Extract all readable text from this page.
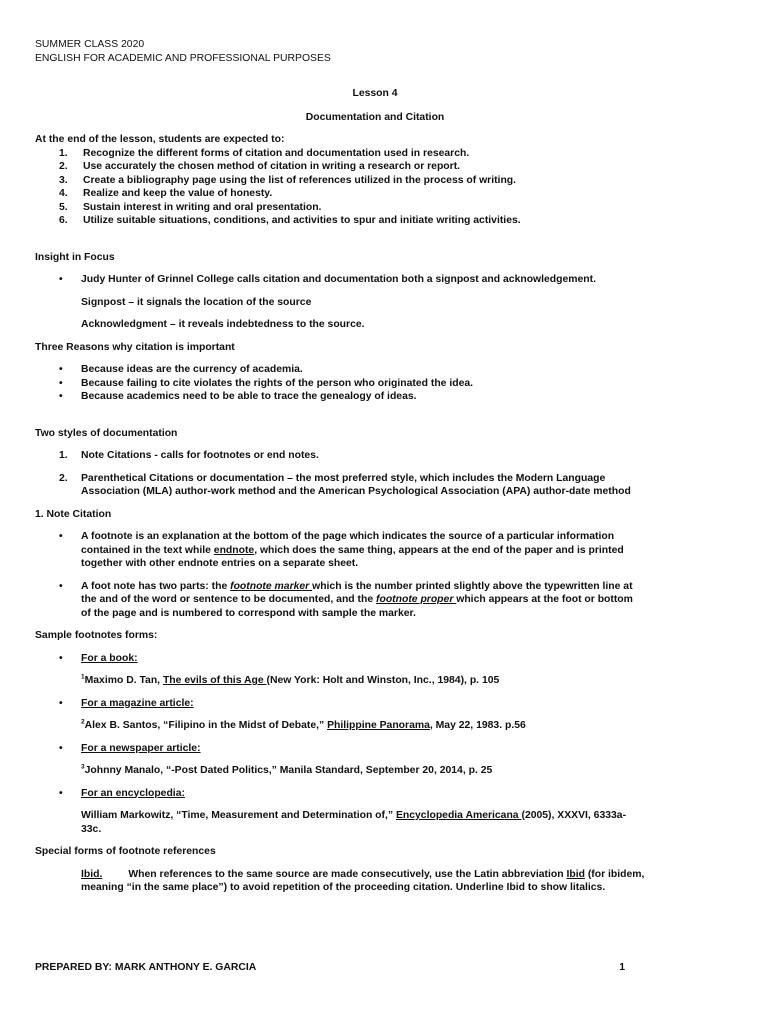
SUMMER CLASS 2020

ENGLISH FOR ACADEMIC AND PROFESSIONAL PURPOSES

Lesson 4

Documentation and Citation

At the end of the lesson, students are expected to:

1.	Recognize the different forms of citation and documentation used in research.
2.	Use accurately the chosen method of citation in writing a research or report.
3.	Create a bibliography page using the list of references utilized in the process of writing.
4.	Realize and keep the value of honesty.
5.	Sustain interest in writing and oral presentation.
6.	Utilize suitable situations, conditions, and activities to spur and initiate writing activities.

Insight in Focus

•
Judy Hunter of Grinnel College calls citation and documentation both a signpost and acknowledgement.

Signpost – it signals the location of the source

Acknowledgment – it reveals indebtedness to the source.

Three Reasons why citation is important

•
Because ideas are the currency of academia.
•
Because failing to cite violates the rights of the person who originated the idea.
•
Because academics need to be able to trace the genealogy of ideas.

Two styles of documentation

1.	Note Citations - calls for footnotes or end notes.
2.	Parenthetical Citations or documentation – the most preferred style, which includes the Modern Language
Association (MLA) author-work method and the American Psychological Association (APA) author-date method

1. Note Citation

•
A footnote is an explanation at the bottom of the page which indicates the source of a particular information
contained in the text while endnote, which does the same thing, appears at the end of the paper and is printed
together with other endnote entries on a separate sheet.
•
A foot note has two parts: the footnote marker which is the number printed slightly above the typewritten line at
the and of the word or sentence to be documented, and the footnote proper which appears at the foot or bottom
of the page and is numbered to correspond with sample the marker.

Sample footnotes forms:

•
For a book:

$^1$Maximo D. Tan, The evils of this Age (New York: Holt and Winston, Inc., 1984), p. 105

•
For a magazine article:

$^2$Alex B. Santos, “Filipino in the Midst of Debate,” Philippine Panorama, May 22, 1983. p.56

•
For a newspaper article:

$^3$Johnny Manalo, “-Post Dated Politics,” Manila Standard, September 20, 2014, p. 25

•
For an encyclopedia:

William Markowitz, “Time, Measurement and Determination of,” Encyclopedia Americana (2005), XXXVI, 6333a-
33c.

Special forms of footnote references

Ibid.	When references to the same source are made consecutively, use the Latin abbreviation Ibid (for ibidem,
meaning “in the same place”) to avoid repetition of the proceeding citation. Underline Ibid to show litalics.

PREPARED BY: MARK ANTHONY E. GARCIA	1
